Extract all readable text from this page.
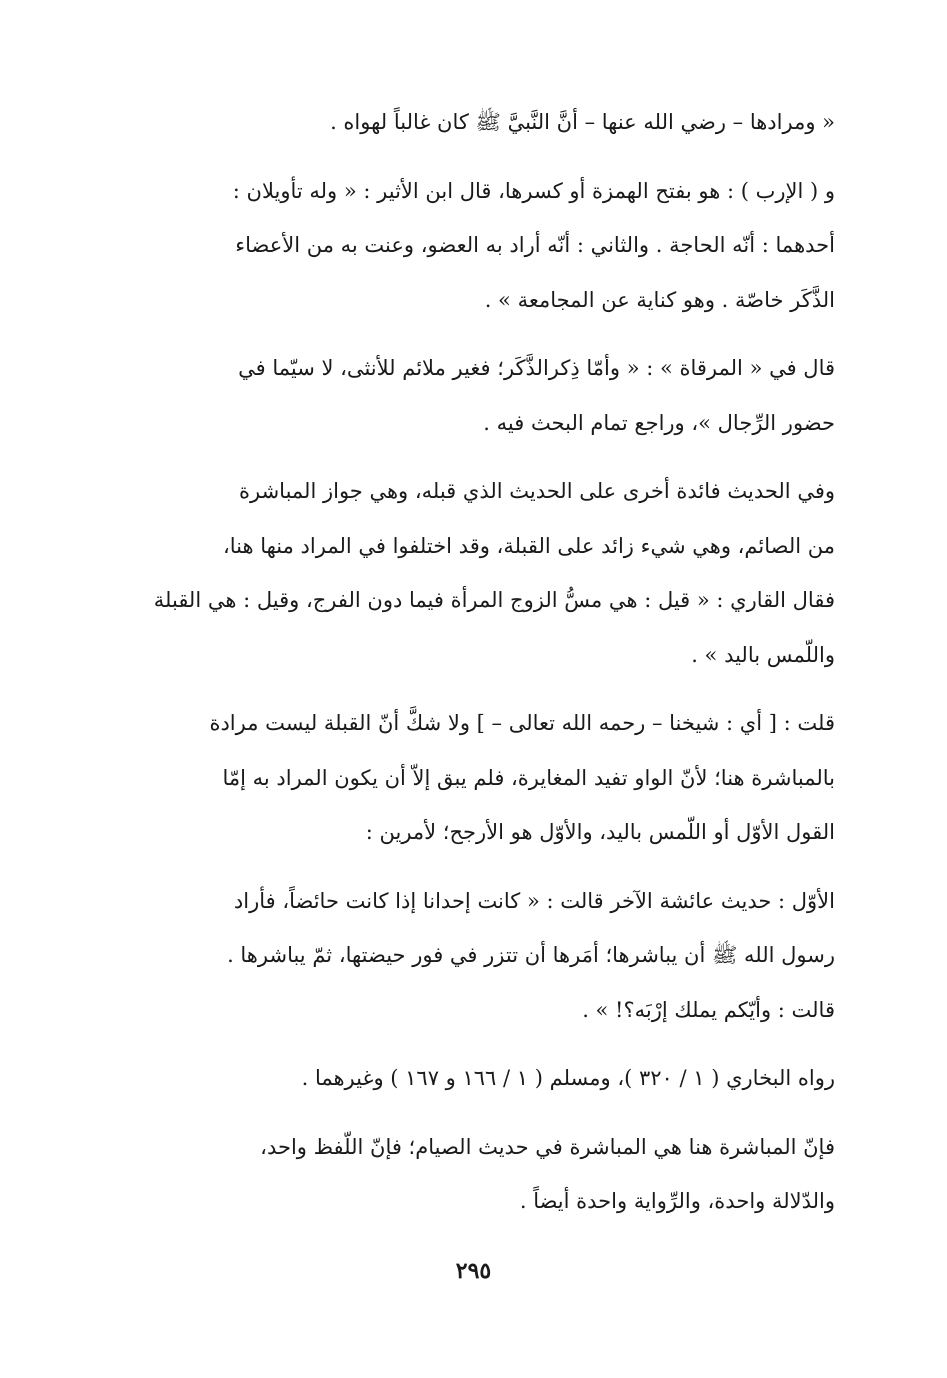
« ومرادها – رضي الله عنها – أنَّ النَّبيَّ ﷺ كان غالباً لهواه .

و ( الإرب ) : هو بفتح الهمزة أو كسرها، قال ابن الأثير : « وله تأويلان :
أحدهما : أنّه الحاجة . والثاني : أنّه أراد به العضو، وعنت به من الأعضاء
الذَّكَر خاصّة . وهو كناية عن المجامعة » .

قال في « المرقاة » : « وأمّا ذِكرالذَّكَر؛ فغير ملائم للأنثى، لا سيّما في
حضور الرِّجال »، وراجع تمام البحث فيه .

وفي الحديث فائدة أخرى على الحديث الذي قبله، وهي جواز المباشرة
من الصائم، وهي شيء زائد على القبلة، وقد اختلفوا في المراد منها هنا،
فقال القاري : « قيل : هي مسُّ الزوج المرأة فيما دون الفرج، وقيل : هي القبلة
واللّمس باليد » .

قلت : [ أي : شيخنا – رحمه الله تعالى – ] ولا شكَّ أنّ القبلة ليست مرادة
بالمباشرة هنا؛ لأنّ الواو تفيد المغايرة، فلم يبق إلاّ أن يكون المراد به إمّا
القول الأوّل أو اللّمس باليد، والأوّل هو الأرجح؛ لأمرين :

الأوّل : حديث عائشة الآخر قالت : « كانت إحدانا إذا كانت حائضاً، فأراد
رسول الله ﷺ أن يباشرها؛ أمَرها أن تتزر في فور حيضتها، ثمّ يباشرها .
قالت : وأيّكم يملك إرْبَه؟! » .

رواه البخاري ( ١ / ٣٢٠ )، ومسلم ( ١ / ١٦٦ و ١٦٧ ) وغيرهما .

فإنّ المباشرة هنا هي المباشرة في حديث الصيام؛ فإنّ اللّفظ واحد،
والدّلالة واحدة، والرِّواية واحدة أيضاً .

٢٩٥
